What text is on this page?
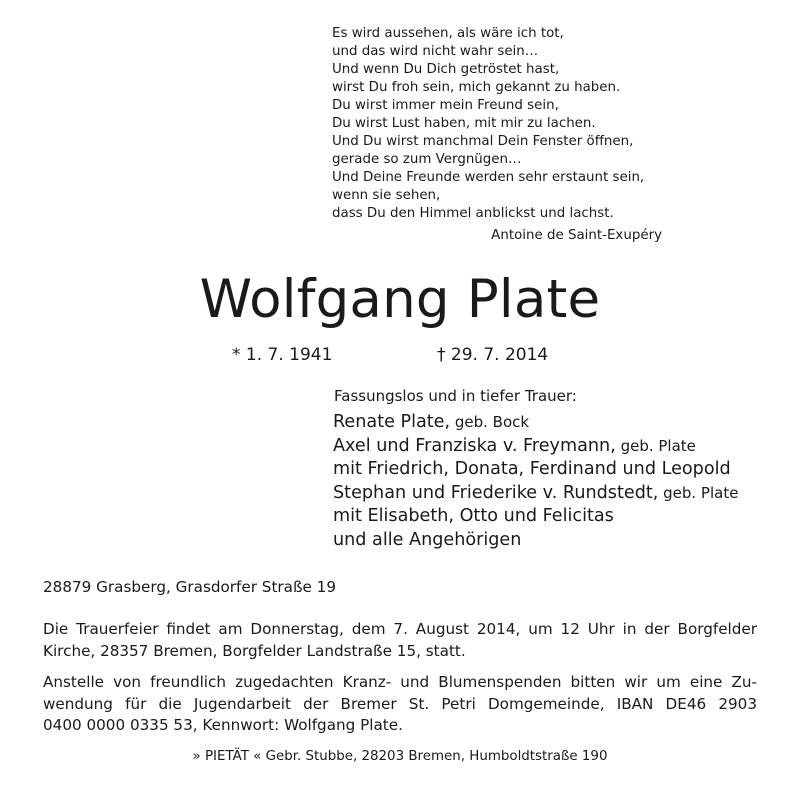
Es wird aussehen, als wäre ich tot,
und das wird nicht wahr sein…
Und wenn Du Dich getröstet hast,
wirst Du froh sein, mich gekannt zu haben.
Du wirst immer mein Freund sein,
Du wirst Lust haben, mit mir zu lachen.
Und Du wirst manchmal Dein Fenster öffnen,
gerade so zum Vergnügen…
Und Deine Freunde werden sehr erstaunt sein,
wenn sie sehen,
dass Du den Himmel anblickst und lachst.
Antoine de Saint-Exupéry
Wolfgang Plate
* 1. 7. 1941	† 29. 7. 2014
Fassungslos und in tiefer Trauer:
Renate Plate, geb. Bock
Axel und Franziska v. Freymann, geb. Plate
mit Friedrich, Donata, Ferdinand und Leopold
Stephan und Friederike v. Rundstedt, geb. Plate
mit Elisabeth, Otto und Felicitas
und alle Angehörigen
28879 Grasberg, Grasdorfer Straße 19
Die Trauerfeier findet am Donnerstag, dem 7. August 2014, um 12 Uhr in der Borgfelder
Kirche, 28357 Bremen, Borgfelder Landstraße 15, statt.
Anstelle von freundlich zugedachten Kranz- und Blumenspenden bitten wir um eine Zu-
wendung für die Jugendarbeit der Bremer St. Petri Domgemeinde, IBAN DE46 2903
0400 0000 0335 53, Kennwort: Wolfgang Plate.
» PIETÄT « Gebr. Stubbe, 28203 Bremen, Humboldtstraße 190
